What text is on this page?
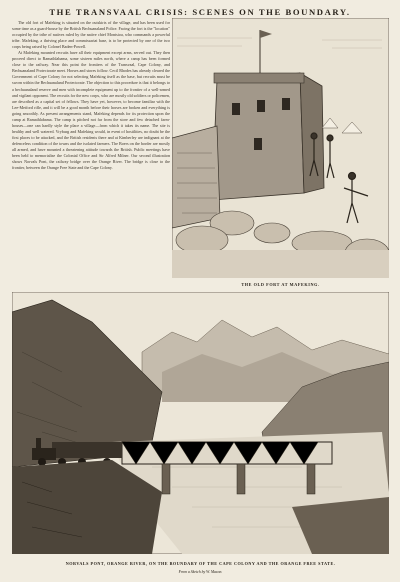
THE TRANSVAAL CRISIS: SCENES ON THE BOUNDARY.

The old fort of Mafeking is situated on the outskirts of the village, and has been used for some time as a guard-house by the British Bechuanaland Police. Facing the fort is the "location" occupied by the tribe of natives ruled by the native chief Montsioa, who commands a powerful tribe. Mafeking, a thriving place and commissariat base, is to be protected by one of the two corps being raised by Colonel Baden-Powell.

At Mafeking mounted recruits have all their equipment except arms, served out. They then proceed direct to Ramathlabama, some sixteen miles north, where a camp has been formed close to the railway. Near this point the frontiers of the Transvaal, Cape Colony, and Bechuanaland Protectorate meet. Horses and stores follow. Cecil Rhodes has already cleared the Government of Cape Colony for not selecting Mafeking itself as the base, but recruits must be sworn within the Bechuanaland Protectorate. The objection to this procedure is that it belongs to a bechuanaland reserve and men with incomplete equipment up to the frontier of a well-armed and vigilant opponent. The recruits for the new corps, who are mostly old soldiers or policemen, are described as a capital set of fellows. They have yet, however, to become familiar with the Lee-Metford rifle, and it will be a good month before their horses are broken and everything is going smoothly. As present arrangements stand, Mafeking depends for its protection upon the camp at Ramathlabama. The camp is pitched not far from the store and few detached farm-houses—one can hardly style the place a village—from which it takes its name. The site is healthy and well watered. Vryburg and Mafeking would, in event of hostilities, no doubt be the first places to be attacked, and the British residents there and at Kimberley are indignant at the defenceless condition of the towns and the isolated farmers. The Boers on the border are mostly all armed, and have mounted a threatening attitude towards the British. Public meetings have been held to memorialise the Colonial Office and Sir Alfred Milner. Our second illustration shows Norvals Pont, the railway bridge over the Orange River. The bridge is close to the frontier, between the Orange Free State and the Cape Colony.

THE OLD FORT AT MAFEKING.
NORVALS PONT, ORANGE RIVER, ON THE BOUNDARY OF THE CAPE COLONY AND THE ORANGE FREE STATE.
From a Sketch by W. Maxon.
